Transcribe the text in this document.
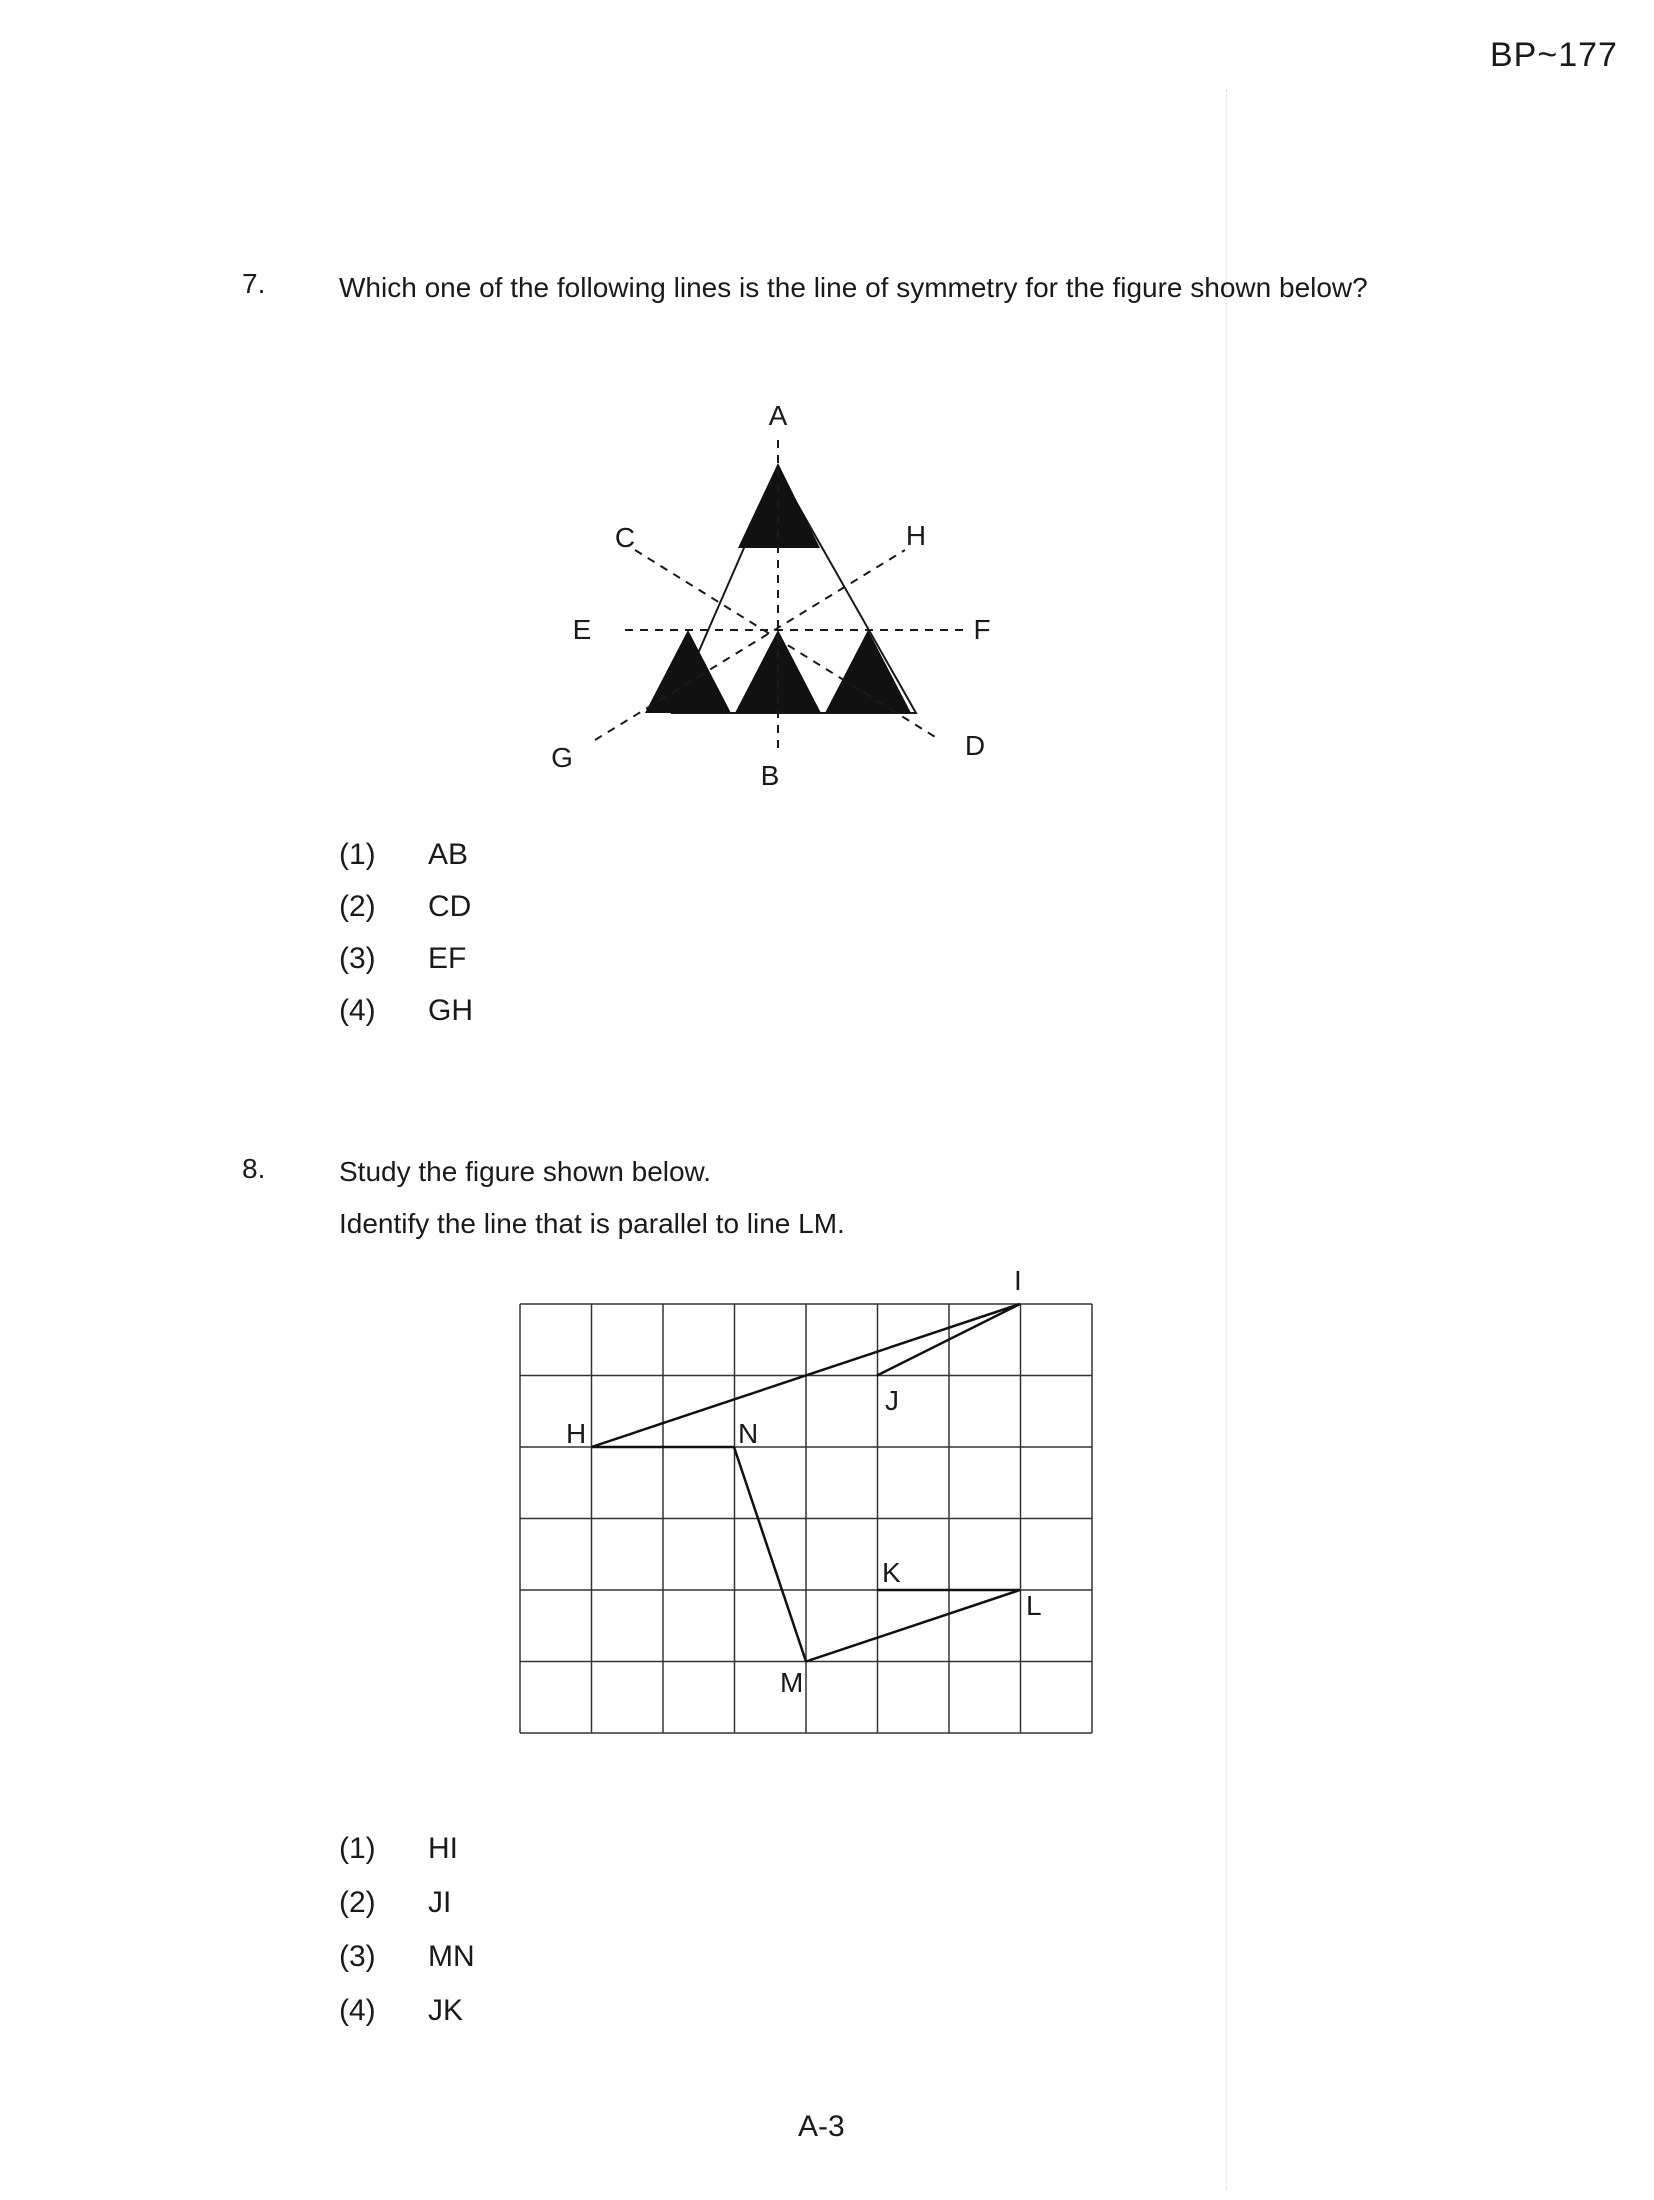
BP~177
7.	Which one of the following lines is the line of symmetry for the figure shown below?
A
B
C
D
E	F
G
H
(1) AB
(2) CD
(3) EF
(4) GH
8.	Study the figure shown below.
Identify the line that is parallel to line LM.
I
J
H	N
K
L
M
(1) HI
(2) JI
(3) MN
(4) JK
A-3
